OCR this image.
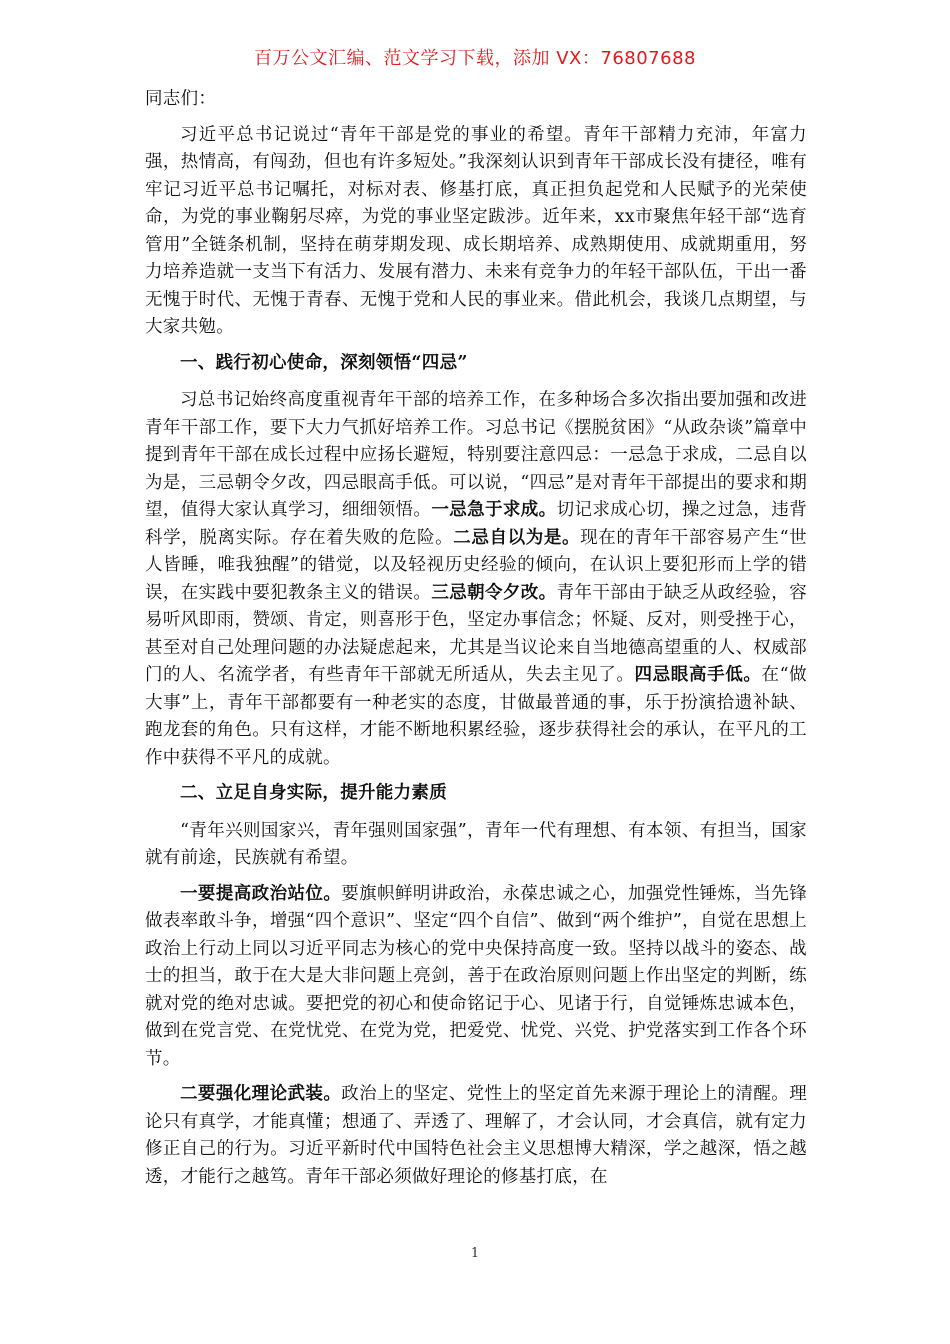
百万公文汇编、范文学习下载，添加 VX：76807688

同志们：

习近平总书记说过“青年干部是党的事业的希望。青年干部精力充沛，年富力强，热情高，有闯劲，但也有许多短处。”我深刻认识到青年干部成长没有捷径，唯有牢记习近平总书记嘱托，对标对表、修基打底，真正担负起党和人民赋予的光荣使命，为党的事业鞠躬尽瘁，为党的事业坚定跋涉。近年来，xx市聚焦年轻干部“选育管用”全链条机制，坚持在萌芽期发现、成长期培养、成熟期使用、成就期重用，努力培养造就一支当下有活力、发展有潜力、未来有竞争力的年轻干部队伍，干出一番无愧于时代、无愧于青春、无愧于党和人民的事业来。借此机会，我谈几点期望，与大家共勉。

一、践行初心使命，深刻领悟“四忌”

习总书记始终高度重视青年干部的培养工作，在多种场合多次指出要加强和改进青年干部工作，要下大力气抓好培养工作。习总书记《摆脱贫困》“从政杂谈”篇章中提到青年干部在成长过程中应扬长避短，特别要注意四忌：一忌急于求成，二忌自以为是，三忌朝令夕改，四忌眼高手低。可以说，“四忌”是对青年干部提出的要求和期望，值得大家认真学习，细细领悟。一忌急于求成。切记求成心切，操之过急，违背科学，脱离实际。存在着失败的危险。二忌自以为是。现在的青年干部容易产生“世人皆睡，唯我独醒”的错觉，以及轻视历史经验的倾向，在认识上要犯形而上学的错误，在实践中要犯教条主义的错误。三忌朝令夕改。青年干部由于缺乏从政经验，容易听风即雨，赞颂、肯定，则喜形于色，坚定办事信念；怀疑、反对，则受挫于心，甚至对自己处理问题的办法疑虑起来，尤其是当议论来自当地德高望重的人、权威部门的人、名流学者，有些青年干部就无所适从，失去主见了。四忌眼高手低。在“做大事”上，青年干部都要有一种老实的态度，甘做最普通的事，乐于扮演拾遗补缺、跑龙套的角色。只有这样，才能不断地积累经验，逐步获得社会的承认，在平凡的工作中获得不平凡的成就。

二、立足自身实际，提升能力素质

“青年兴则国家兴，青年强则国家强”，青年一代有理想、有本领、有担当，国家就有前途，民族就有希望。

一要提高政治站位。要旗帜鲜明讲政治，永葆忠诚之心，加强党性锤炼，当先锋做表率敢斗争，增强“四个意识”、坚定“四个自信”、做到“两个维护”，自觉在思想上政治上行动上同以习近平同志为核心的党中央保持高度一致。坚持以战斗的姿态、战士的担当，敢于在大是大非问题上亮剑，善于在政治原则问题上作出坚定的判断，练就对党的绝对忠诚。要把党的初心和使命铭记于心、见诸于行，自觉锤炼忠诚本色，做到在党言党、在党忧党、在党为党，把爱党、忧党、兴党、护党落实到工作各个环节。

二要强化理论武装。政治上的坚定、党性上的坚定首先来源于理论上的清醒。理论只有真学，才能真懂；想通了、弄透了、理解了，才会认同，才会真信，就有定力修正自己的行为。习近平新时代中国特色社会主义思想博大精深，学之越深，悟之越透，才能行之越笃。青年干部必须做好理论的修基打底，在

1
